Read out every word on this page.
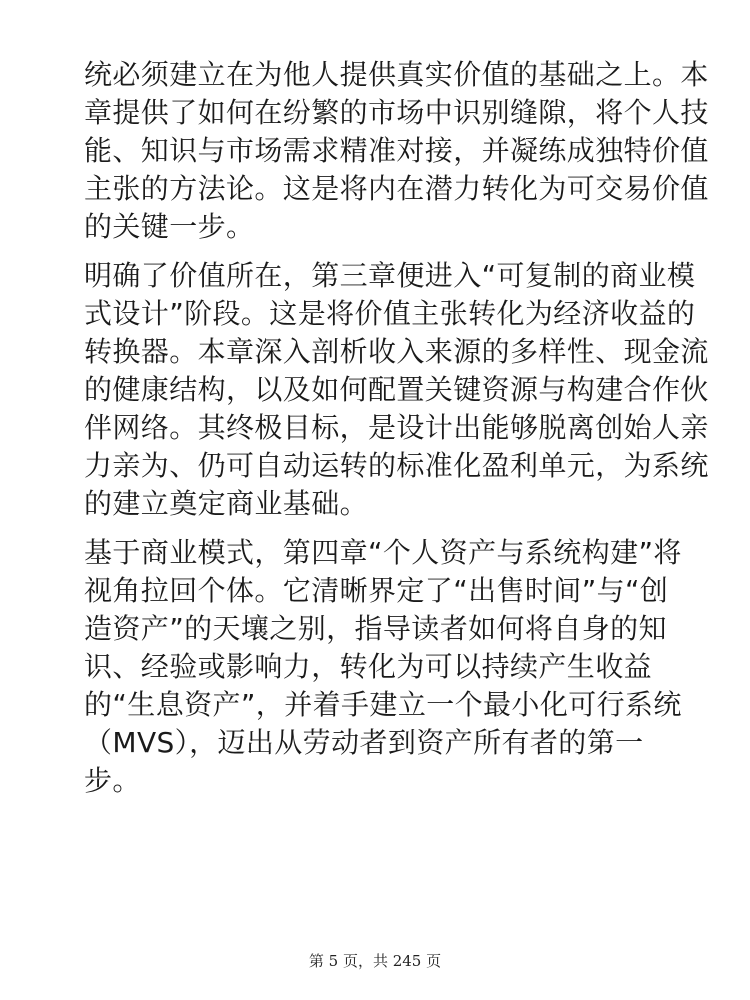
统必须建立在为他人提供真实价值的基础之上。本
章提供了如何在纷繁的市场中识别缝隙，将个人技
能、知识与市场需求精准对接，并凝练成独特价值
主张的方法论。这是将内在潜力转化为可交易价值
的关键一步。

明确了价值所在，第三章便进入“可复制的商业模
式设计”阶段。这是将价值主张转化为经济收益的
转换器。本章深入剖析收入来源的多样性、现金流
的健康结构，以及如何配置关键资源与构建合作伙
伴网络。其终极目标，是设计出能够脱离创始人亲
力亲为、仍可自动运转的标准化盈利单元，为系统
的建立奠定商业基础。

基于商业模式，第四章“个人资产与系统构建”将
视角拉回个体。它清晰界定了“出售时间”与“创
造资产”的天壤之别，指导读者如何将自身的知
识、经验或影响力，转化为可以持续产生收益
的“生息资产”，并着手建立一个最小化可行系统
（MVS），迈出从劳动者到资产所有者的第一
步。

第 5 页，共 245 页
